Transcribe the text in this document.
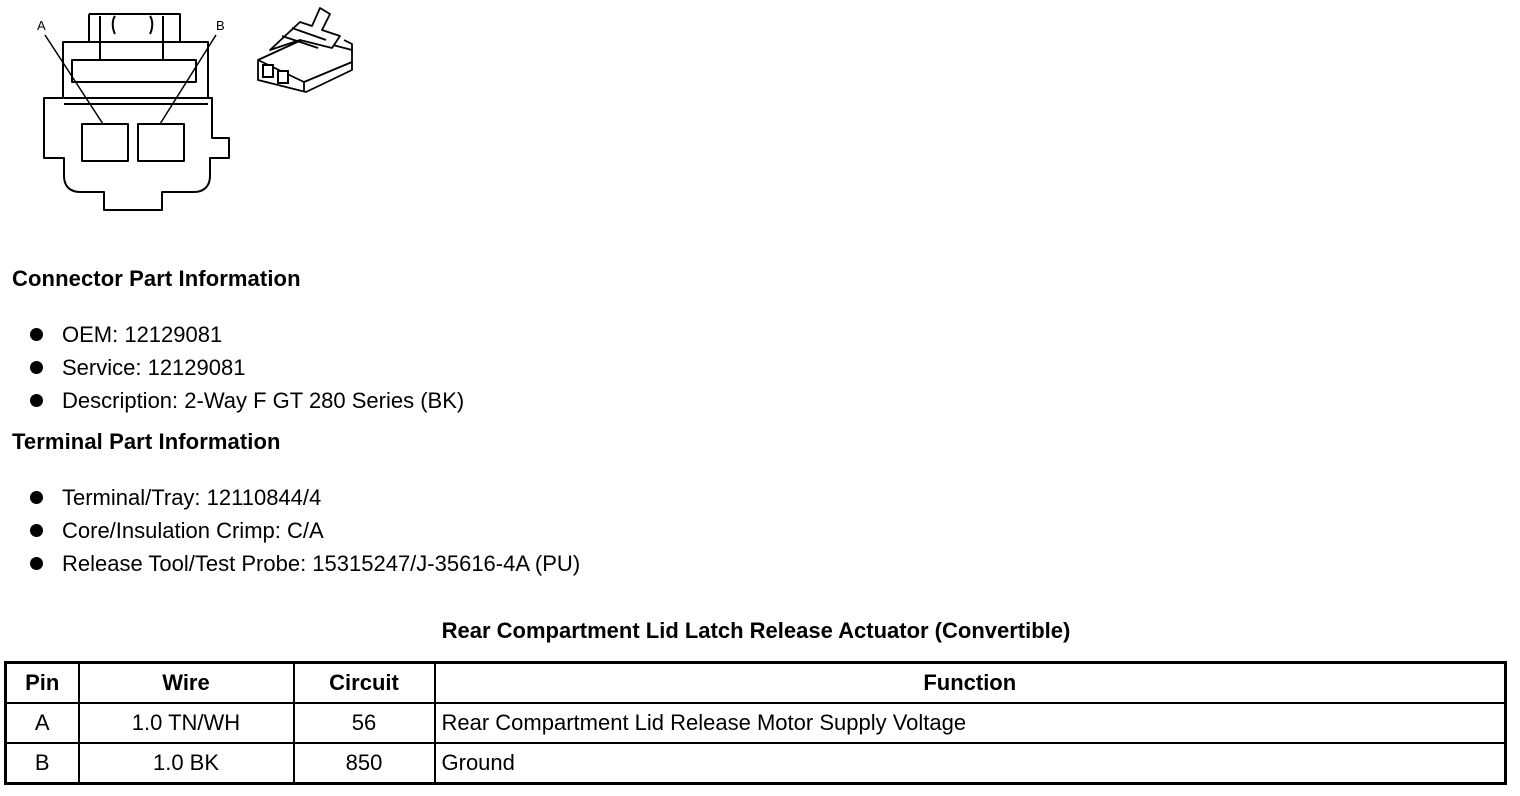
A	B
Connector Part Information
OEM: 12129081
Service: 12129081
Description: 2-Way F GT 280 Series (BK)
Terminal Part Information
Terminal/Tray: 12110844/4
Core/Insulation Crimp: C/A
Release Tool/Test Probe: 15315247/J-35616-4A (PU)
Rear Compartment Lid Latch Release Actuator (Convertible)
Pin	Wire	Circuit	Function
A	1.0 TN/WH	56	Rear Compartment Lid Release Motor Supply Voltage
B	1.0 BK	850	Ground
